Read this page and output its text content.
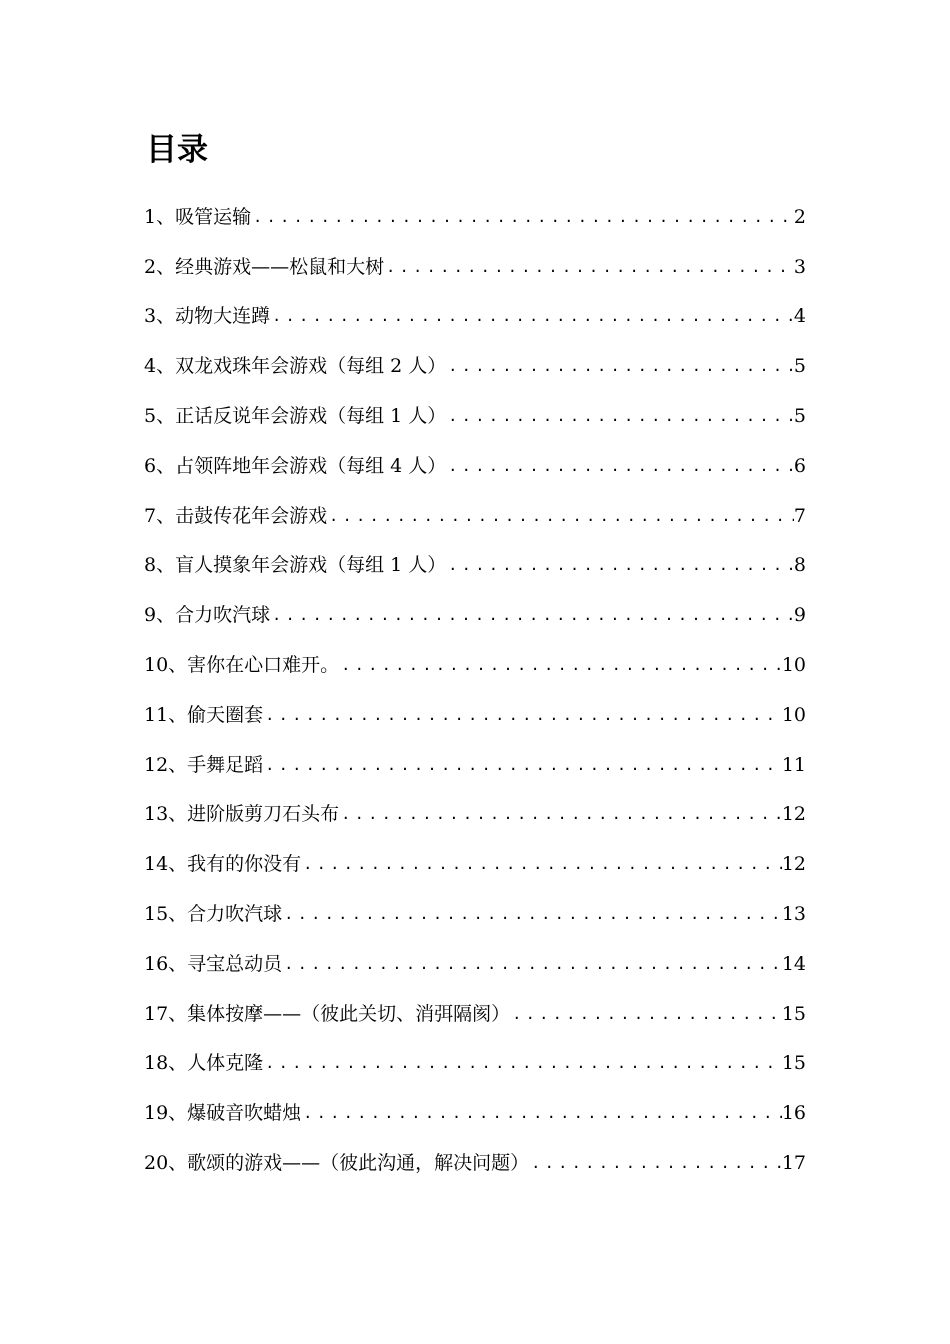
目录
1、吸管运输 .....	2
2、经典游戏——松鼠和大树 .....	3
3、动物大连蹲 .....	4
4、双龙戏珠年会游戏（每组 2 人） .....	5
5、正话反说年会游戏（每组 1 人） .....	5
6、占领阵地年会游戏（每组 4 人） .....	6
7、击鼓传花年会游戏 .....	7
8、盲人摸象年会游戏（每组 1 人） .....	8
9、合力吹汽球 .....	9
10、害你在心口难开。 .....	10
11、偷天圈套 .....	10
12、手舞足蹈 .....	11
13、进阶版剪刀石头布 .....	12
14、我有的你没有 .....	12
15、合力吹汽球 .....	13
16、寻宝总动员 .....	14
17、集体按摩——（彼此关切、消弭隔阂） .....	15
18、人体克隆 .....	15
19、爆破音吹蜡烛 .....	16
20、歌颂的游戏——（彼此沟通，解决问题） .....	17
